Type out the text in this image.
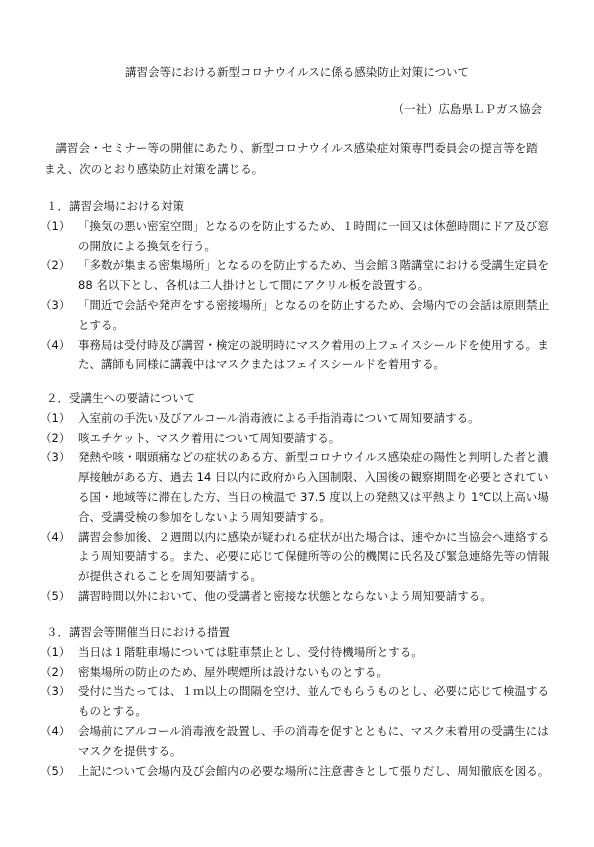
講習会等における新型コロナウイルスに係る感染防止対策について
（一社）広島県ＬＰガス協会

講習会・セミナー等の開催にあたり、新型コロナウイルス感染症対策専門委員会の提言等を踏まえ、次のとおり感染防止対策を講じる。

１．講習会場における対策

（1） 「換気の悪い密室空間」となるのを防止するため、１時間に一回又は休憩時間にドア及び窓の開放による換気を行う。
（2） 「多数が集まる密集場所」となるのを防止するため、当会館３階講堂における受講生定員を 88 名以下とし、各机は二人掛けとして間にアクリル板を設置する。
（3） 「間近で会話や発声をする密接場所」となるのを防止するため、会場内での会話は原則禁止とする。
（4） 事務局は受付時及び講習・検定の説明時にマスク着用の上フェイスシールドを使用する。また、講師も同様に講義中はマスクまたはフェイスシールドを着用する。

２．受講生への要請について

（1） 入室前の手洗い及びアルコール消毒液による手指消毒について周知要請する。
（2） 咳エチケット、マスク着用について周知要請する。
（3） 発熱や咳・咽頭痛などの症状のある方、新型コロナウイルス感染症の陽性と判明した者と濃厚接触がある方、過去 14 日以内に政府から入国制限、入国後の観察期間を必要とされている国・地域等に滞在した方、当日の検温で 37.5 度以上の発熱又は平熱より 1℃以上高い場合、受講受検の参加をしないよう周知要請する。
（4） 講習会参加後、２週間以内に感染が疑われる症状が出た場合は、速やかに当協会へ連絡するよう周知要請する。また、必要に応じて保健所等の公的機関に氏名及び緊急連絡先等の情報が提供されることを周知要請する。
（5） 講習時間以外において、他の受講者と密接な状態とならないよう周知要請する。

３．講習会等開催当日における措置

（1） 当日は１階駐車場については駐車禁止とし、受付待機場所とする。
（2） 密集場所の防止のため、屋外喫煙所は設けないものとする。
（3） 受付に当たっては、１ｍ以上の間隔を空け、並んでもらうものとし、必要に応じて検温するものとする。
（4） 会場前にアルコール消毒液を設置し、手の消毒を促すとともに、マスク未着用の受講生にはマスクを提供する。
（5） 上記について会場内及び会館内の必要な場所に注意書きとして張りだし、周知徹底を図る。
